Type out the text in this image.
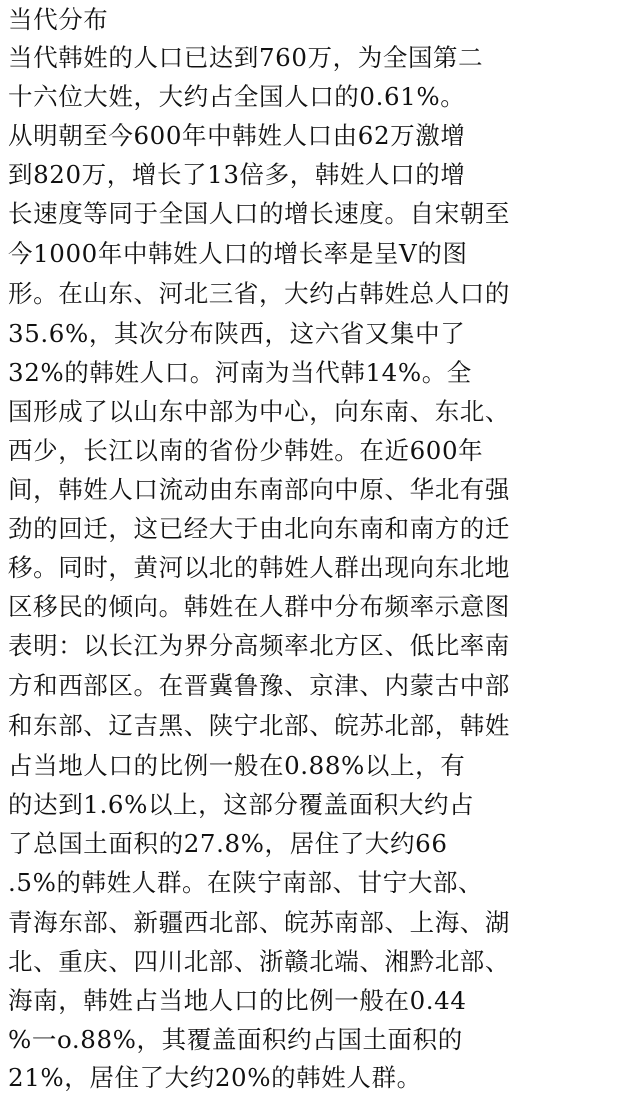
当代分布
当代韩姓的人口已达到760万，为全国第二
十六位大姓，大约占全国人口的0.61%。
从明朝至今600年中韩姓人口由62万激增
到820万，增长了13倍多，韩姓人口的增
长速度等同于全国人口的增长速度。自宋朝至
今1000年中韩姓人口的增长率是呈V的图
形。在山东、河北三省，大约占韩姓总人口的
35.6%，其次分布陕西，这六省又集中了
32%的韩姓人口。河南为当代韩14%。全
国形成了以山东中部为中心，向东南、东北、
西少，长江以南的省份少韩姓。在近600年
间，韩姓人口流动由东南部向中原、华北有强
劲的回迁，这已经大于由北向东南和南方的迁
移。同时，黄河以北的韩姓人群出现向东北地
区移民的倾向。韩姓在人群中分布频率示意图
表明：以长江为界分高频率北方区、低比率南
方和西部区。在晋冀鲁豫、京津、内蒙古中部
和东部、辽吉黑、陕宁北部、皖苏北部，韩姓
占当地人口的比例一般在0.88%以上，有
的达到1.6%以上，这部分覆盖面积大约占
了总国土面积的27.8%，居住了大约66
.5%的韩姓人群。在陕宁南部、甘宁大部、
青海东部、新疆西北部、皖苏南部、上海、湖
北、重庆、四川北部、浙赣北端、湘黔北部、
海南，韩姓占当地人口的比例一般在0.44
%一o.88%，其覆盖面积约占国土面积的
21%，居住了大约20%的韩姓人群。
